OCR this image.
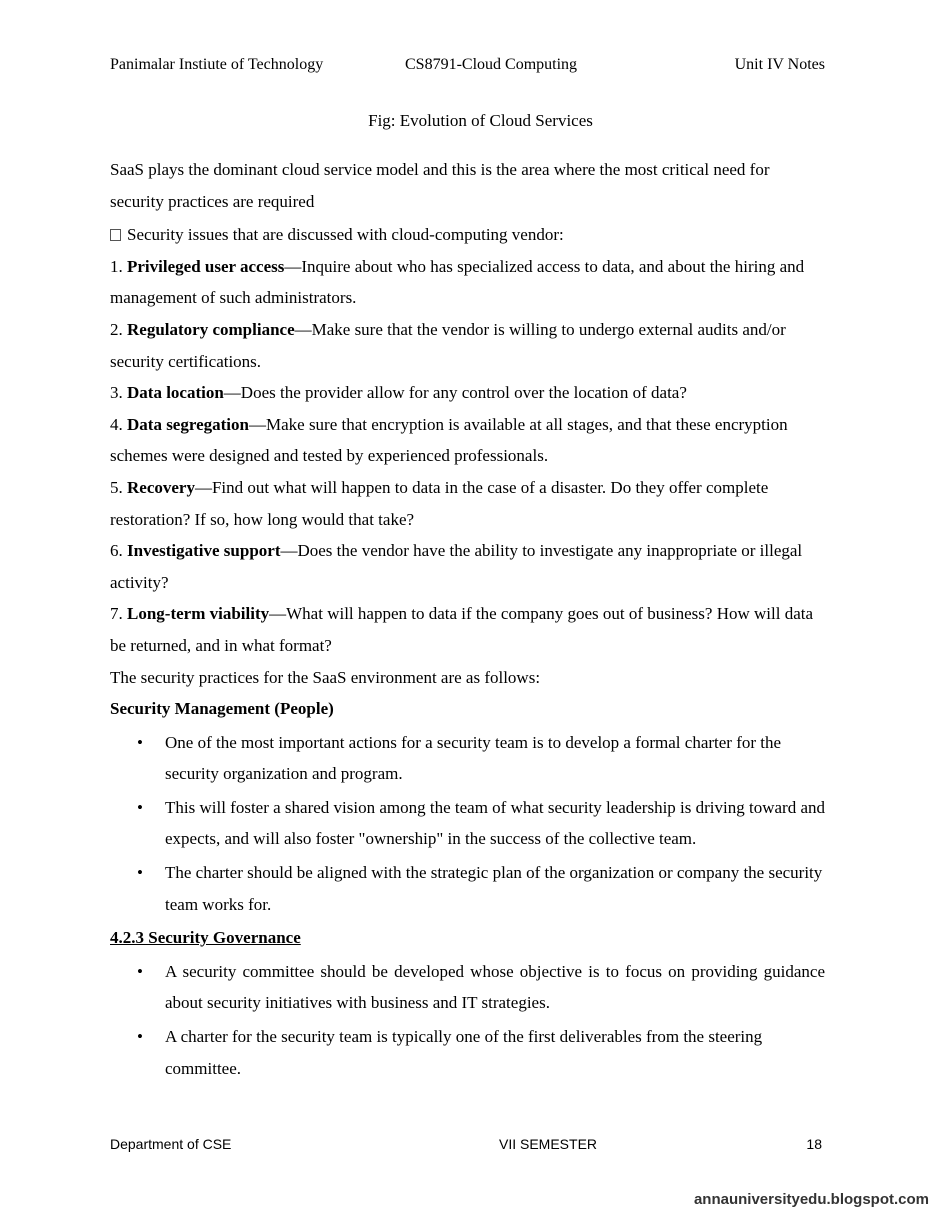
Panimalar Instiute of Technology	CS8791-Cloud Computing	Unit IV Notes
Fig: Evolution of Cloud Services

SaaS plays the dominant cloud service model and this is the area where the most critical need for security practices are required

Security issues that are discussed with cloud-computing vendor:

1. Privileged user access—Inquire about who has specialized access to data, and about the hiring and management of such administrators.

2. Regulatory compliance—Make sure that the vendor is willing to undergo external audits and/or security certifications.

3. Data location—Does the provider allow for any control over the location of data?

4. Data segregation—Make sure that encryption is available at all stages, and that these encryption schemes were designed and tested by experienced professionals.

5. Recovery—Find out what will happen to data in the case of a disaster. Do they offer complete restoration? If so, how long would that take?

6. Investigative support—Does the vendor have the ability to investigate any inappropriate or illegal activity?

7. Long-term viability—What will happen to data if the company goes out of business? How will data be returned, and in what format?

The security practices for the SaaS environment are as follows:

Security Management (People)

• One of the most important actions for a security team is to develop a formal charter for the security organization and program.
• This will foster a shared vision among the team of what security leadership is driving toward and expects, and will also foster "ownership" in the success of the collective team.
• The charter should be aligned with the strategic plan of the organization or company the security team works for.

4.2.3 Security Governance

• A security committee should be developed whose objective is to focus on providing guidance about security initiatives with business and IT strategies.
• A charter for the security team is typically one of the first deliverables from the steering committee.
Department of CSE	VII SEMESTER	18
annauniversityedu.blogspot.com
